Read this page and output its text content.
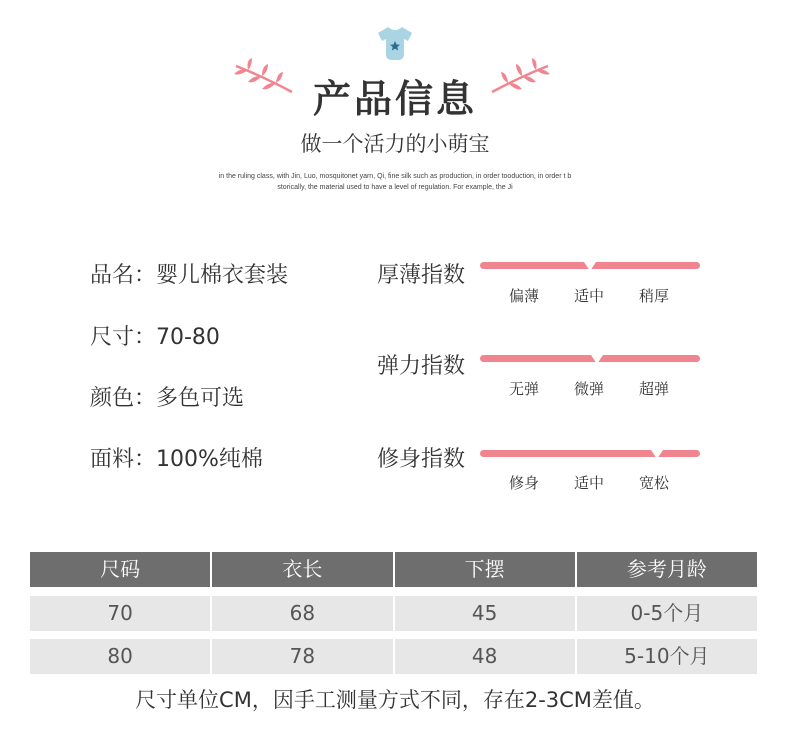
产品信息
做一个活力的小萌宝
in the ruling class, with Jin, Luo, mosquitonet yarn, Qi, fine silk such as production, in order tooduction, in order t b
storically, the material used to have a level of regulation. For example, the Ji
品名：婴儿棉衣套装
尺寸：70-80
颜色：多色可选
面料：100%纯棉
厚薄指数
偏薄	适中	稍厚
弹力指数
无弹	微弹	超弹
修身指数
修身	适中	宽松
尺码	衣长	下摆	参考月龄
70	68	45	0-5个月
80	78	48	5-10个月
尺寸单位CM，因手工测量方式不同，存在2-3CM差值。
